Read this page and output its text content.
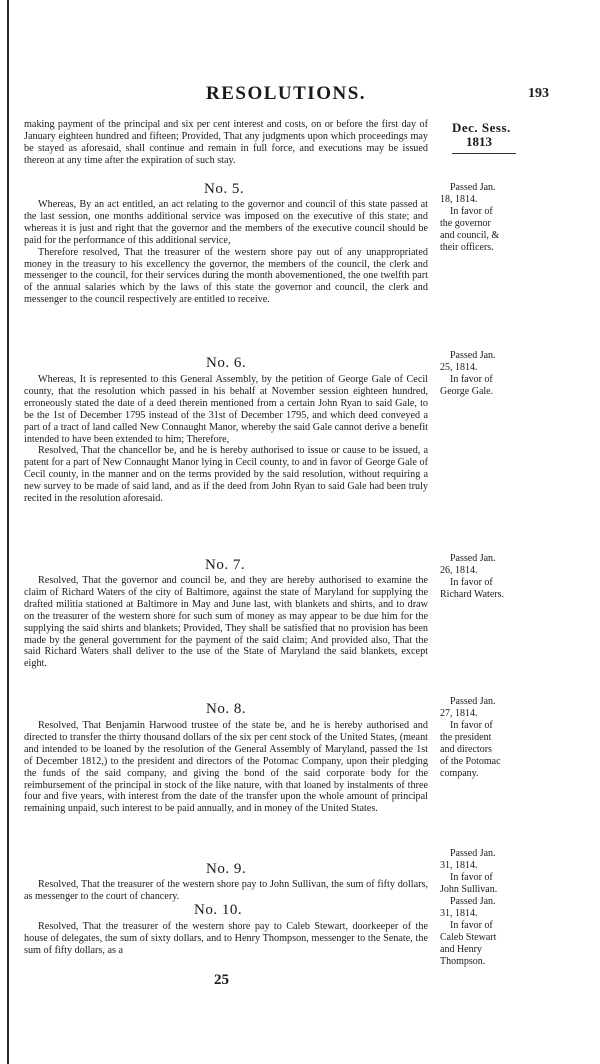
RESOLUTIONS.	193
Dec. Sess.
1813

making payment of the principal and six per cent interest and costs, on or before the first day of January eighteen hundred and fifteen; Provided, That any judgments upon which proceedings may be stayed as aforesaid, shall continue and remain in full force, and executions may be issued thereon at any time after the expiration of such stay.

No. 5.

Whereas, By an act entitled, an act relating to the governor and council of this state passed at the last session, one months additional service was imposed on the executive of this state; and whereas it is just and right that the governor and the members of the executive council should be paid for the performance of this additional service,

Therefore resolved, That the treasurer of the western shore pay out of any unappropriated money in the treasury to his excellency the governor, the members of the council, the clerk and messenger to the council, for their services during the month abovementioned, the one twelfth part of the annual salaries which by the laws of this state the governor and council, the clerk and messenger to the council respectively are entitled to receive.

Passed Jan.
18, 1814.
In favor of
the governor
and council, &
their officers.
No. 6.

Whereas, It is represented to this General Assembly, by the petition of George Gale of Cecil county, that the resolution which passed in his behalf at November session eighteen hundred, erroneously stated the date of a deed therein mentioned from a certain John Ryan to said Gale, to be the 1st of December 1795 instead of the 31st of December 1795, and which deed conveyed a part of a tract of land called New Connaught Manor, whereby the said Gale cannot derive a benefit intended to have been extended to him; Therefore,

Resolved, That the chancellor be, and he is hereby authorised to issue or cause to be issued, a patent for a part of New Connaught Manor lying in Cecil county, to and in favor of George Gale of Cecil county, in the manner and on the terms provided by the said resolution, without requiring a new survey to be made of said land, and as if the deed from John Ryan to said Gale had been truly recited in the resolution aforesaid.

Passed Jan.
25, 1814.
In favor of
George Gale.
No. 7.

Resolved, That the governor and council be, and they are hereby authorised to examine the claim of Richard Waters of the city of Baltimore, against the state of Maryland for supplying the drafted militia stationed at Baltimore in May and June last, with blankets and shirts, and to draw on the treasurer of the western shore for such sum of money as may appear to be due him for the supplying the said shirts and blankets; Provided, They shall be satisfied that no provision has been made by the general government for the payment of the said claim; And provided also, That the said Richard Waters shall deliver to the use of the State of Maryland the said blankets, except eight.

Passed Jan.
26, 1814.
In favor of
Richard Waters.
No. 8.

Resolved, That Benjamin Harwood trustee of the state be, and he is hereby authorised and directed to transfer the thirty thousand dollars of the six per cent stock of the United States, (meant and intended to be loaned by the resolution of the General Assembly of Maryland, passed the 1st of December 1812,) to the president and directors of the Potomac Company, upon their pledging the funds of the said company, and giving the bond of the said corporate body for the reimbursement of the principal in stock of the like nature, with that loaned by instalments of three four and five years, with interest from the date of the transfer upon the whole amount of principal remaining unpaid, such interest to be paid annually, and in money of the United States.

Passed Jan.
27, 1814.
In favor of
the president
and directors
of the Potomac
company.
No. 9.

Resolved, That the treasurer of the western shore pay to John Sullivan, the sum of fifty dollars, as messenger to the court of chancery.

Passed Jan.
31, 1814.
In favor of
John Sullivan.
No. 10.

Resolved, That the treasurer of the western shore pay to Caleb Stewart, doorkeeper of the house of delegates, the sum of sixty dollars, and to Henry Thompson, messenger to the Senate, the sum of fifty dollars, as a

Passed Jan.
31, 1814.
In favor of
Caleb Stewart
and Henry
Thompson.
25
